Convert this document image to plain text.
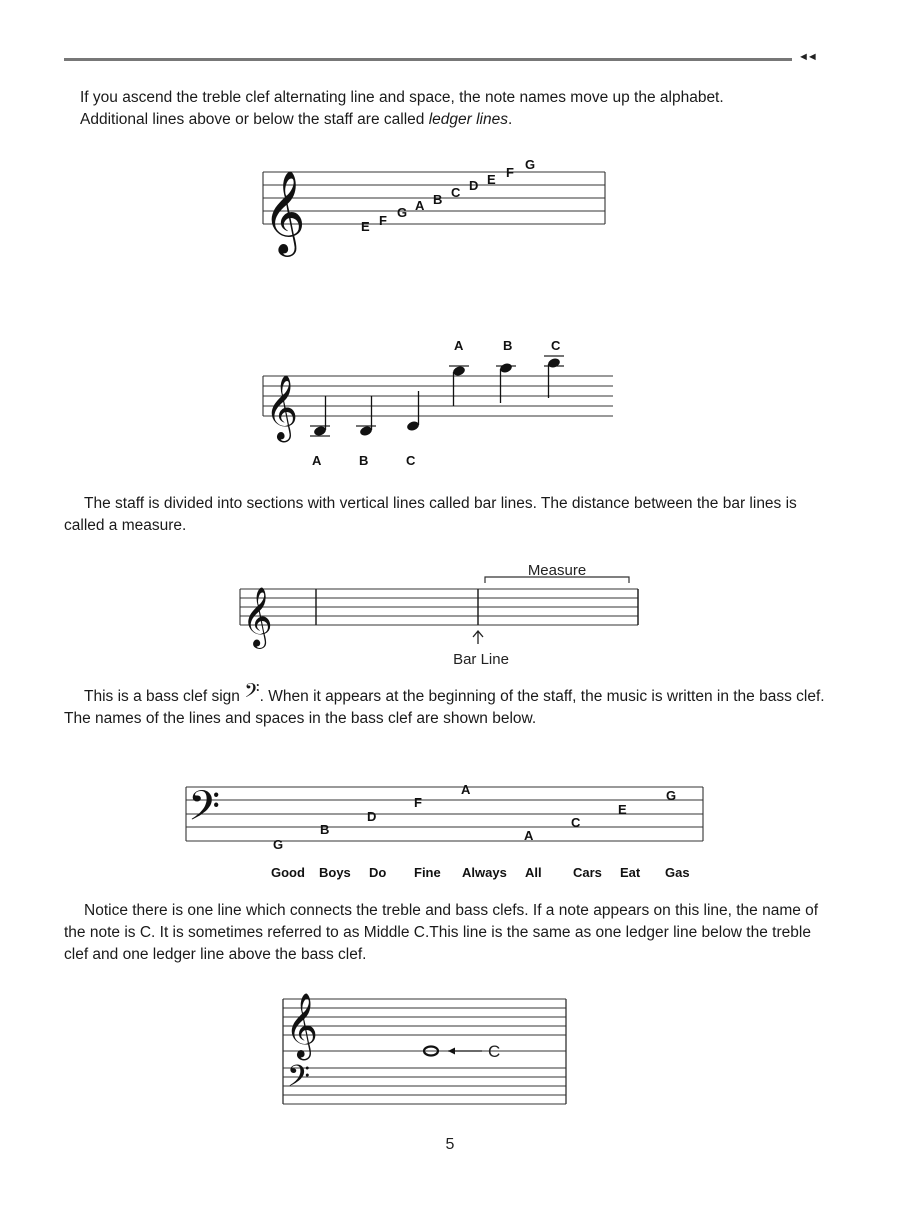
◄◄

If you ascend the treble clef alternating line and space, the note names move up the alphabet.

Additional lines above or below the staff are called ledger lines.

𝄞	E F
G A B C D E F
G
𝄞
A	B	C
A	B	C

The staff is divided into sections with vertical lines called bar lines. The distance between the bar lines is called a measure.

𝄞
Measure
Bar Line

This is a bass clef sign 𝄢. When it appears at the beginning of the staff, the music is written in the bass clef. The names of the lines and spaces in the bass clef are shown below.

𝄢
G
B
D
F
A
A
C
E
G
Good Boys Do Fine Always All Cars Eat Gas

Notice there is one line which connects the treble and bass clefs. If a note appears on this line, the name of the note is C. It is sometimes referred to as Middle C.This line is the same as one ledger line below the treble clef and one ledger line above the bass clef.

𝄞
𝄢
C
5
